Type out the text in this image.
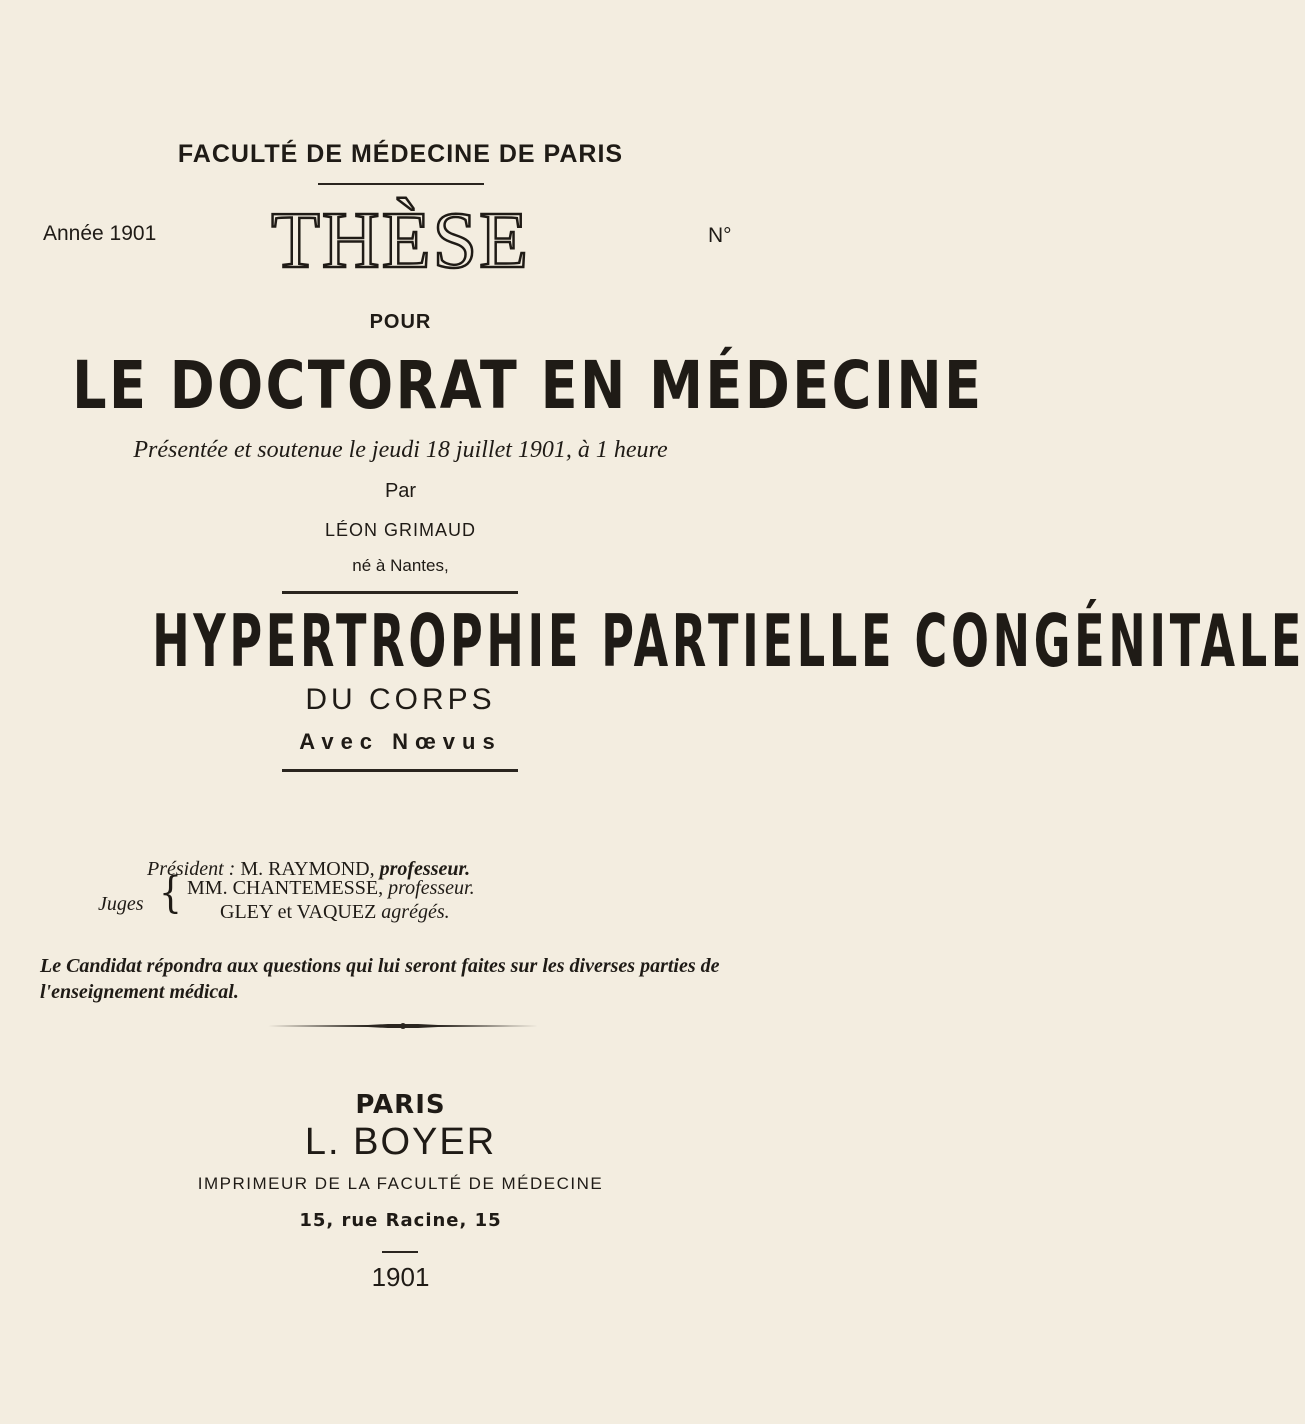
FACULTÉ DE MÉDECINE DE PARIS
Année 1901	THÈSE	N°
POUR
LE DOCTORAT EN MÉDECINE
Présentée et soutenue le jeudi 18 juillet 1901, à 1 heure
Par
LÉON GRIMAUD
né à Nantes,
HYPERTROPHIE PARTIELLE CONGÉNITALE
DU CORPS
Avec Nœvus
Président : M. RAYMOND, professeur.
Juges { MM. CHANTEMESSE, professeur.
GLEY et VAQUEZ agrégés.
Le Candidat répondra aux questions qui lui seront faites sur les diverses parties de l'enseignement médical.
PARIS
L. BOYER
IMPRIMEUR DE LA FACULTÉ DE MÉDECINE
15, rue Racine, 15
1901
